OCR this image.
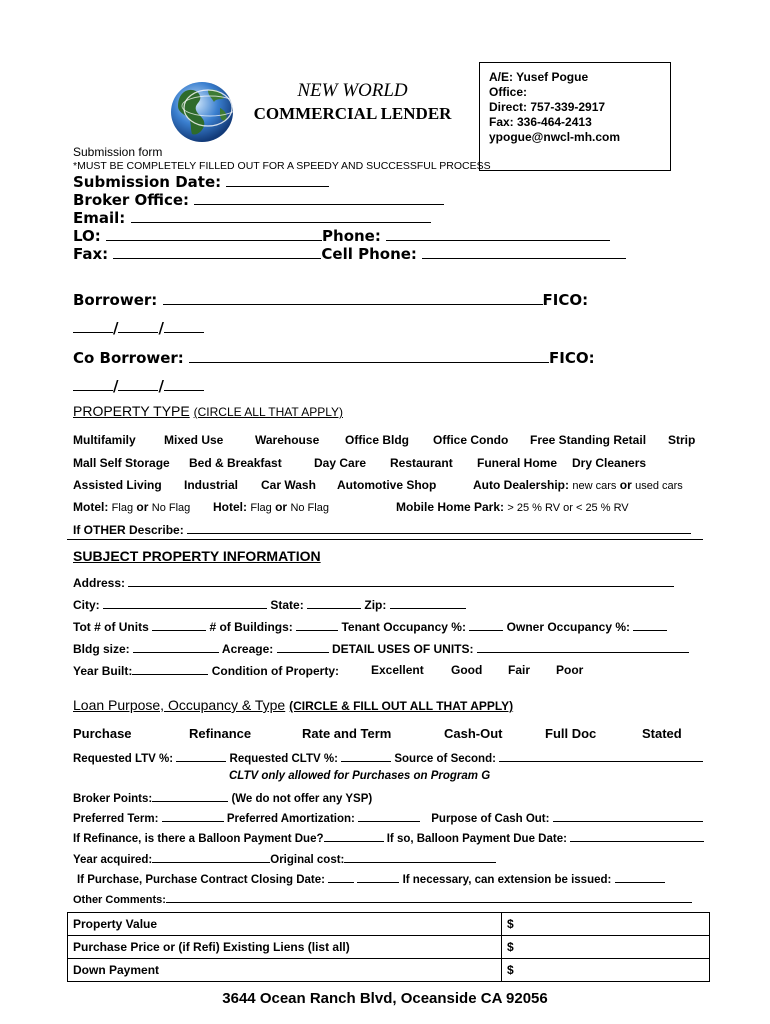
NEW WORLD
COMMERCIAL LENDER
A/E: Yusef Pogue
Office:
Direct: 757-339-2917
Fax: 336-464-2413
ypogue@nwcl-mh.com
Submission form
*MUST BE COMPLETELY FILLED OUT FOR A SPEEDY AND SUCCESSFUL PROCESS
Submission Date:
Broker Office:
Email:
LO:	Phone:
Fax:	Cell Phone:
Borrower:	FICO:
/	/
Co Borrower:	FICO:
/	/
PROPERTY TYPE (CIRCLE ALL THAT APPLY)
Multifamily Mixed Use	Warehouse Office Bldg Office Condo Free Standing Retail Strip
Mall Self Storage Bed & Breakfast	Day Care Restaurant Funeral Home Dry Cleaners
Assisted Living Industrial Car Wash Automotive Shop	Auto Dealership: new cars or used cars
Motel: Flag or No Flag Hotel: Flag or No Flag	Mobile Home Park: > 25 % RV or < 25 % RV
If OTHER Describe:
SUBJECT PROPERTY INFORMATION
Address:
City:	State:	Zip:
Tot # of Units	# of Buildings:	Tenant Occupancy %:	Owner Occupancy %:
Bldg size:	Acreage:	DETAIL USES OF UNITS:
Year Built:	Condition of Property:	Excellent Good Fair Poor
Loan Purpose, Occupancy & Type (CIRCLE & FILL OUT ALL THAT APPLY)
Purchase	Refinance	Rate and Term	Cash-Out	Full Doc	Stated
Requested LTV %:	Requested CLTV %:	Source of Second:
CLTV only allowed for Purchases on Program G
Broker Points:	(We do not offer any YSP)
Preferred Term:	Preferred Amortization:	Purpose of Cash Out:
If Refinance, is there a Balloon Payment Due?	If so, Balloon Payment Due Date:
Year acquired:	Original cost:
If Purchase, Purchase Contract Closing Date:	If necessary, can extension be issued:
Other Comments:
Property Value	$
Purchase Price or (if Refi) Existing Liens (list all)	$
Down Payment	$
3644 Ocean Ranch Blvd, Oceanside CA 92056
